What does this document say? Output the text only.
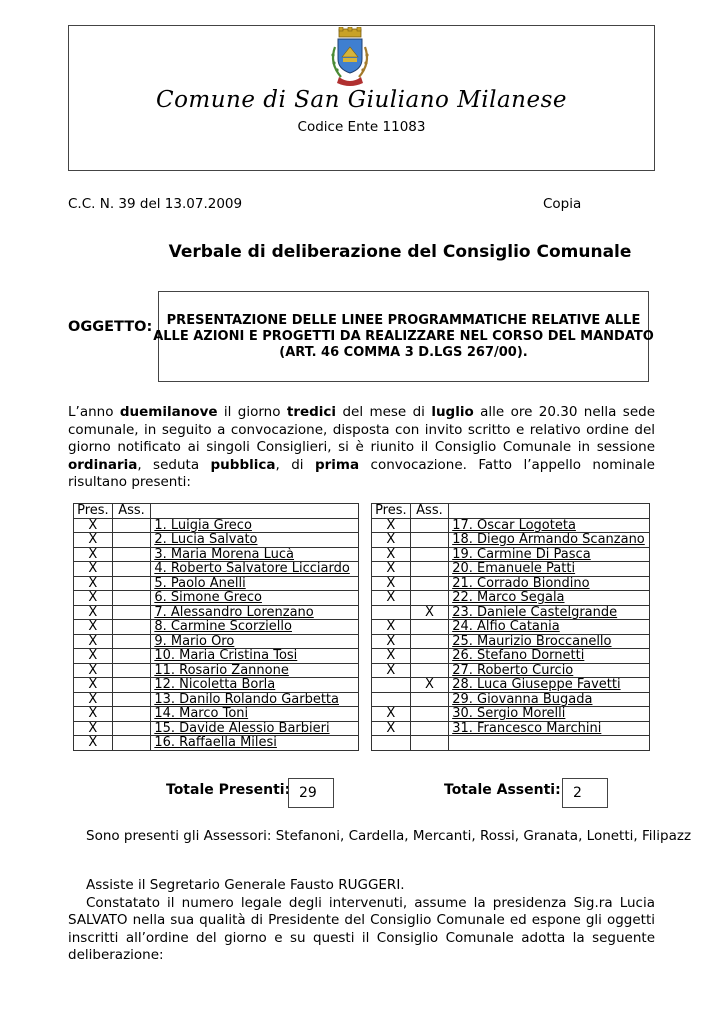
Comune di San Giuliano Milanese
Codice Ente 11083
C.C. N. 39 del 13.07.2009	Copia
Verbale di deliberazione del Consiglio Comunale
OGGETTO: PRESENTAZIONE DELLE LINEE PROGRAMMATICHE RELATIVE ALLE
ALLE AZIONI E PROGETTI DA REALIZZARE NEL CORSO DEL MANDATO
(ART. 46 COMMA 3 D.LGS 267/00).
L’anno duemilanove il giorno tredici del mese di luglio alle ore 20.30 nella sede comunale, in seguito a convocazione, disposta con invito scritto e relativo ordine del giorno notificato ai singoli Consiglieri, si è riunito il Consiglio Comunale in sessione ordinaria, seduta pubblica, di prima convocazione. Fatto l’appello nominale risultano presenti:
Pres.	Ass.	
X		1. Luigia Greco
X		2. Lucia Salvato
X		3. Maria Morena Lucà
X		4. Roberto Salvatore Licciardo
X		5. Paolo Anelli
X		6. Simone Greco
X		7. Alessandro Lorenzano
X		8. Carmine Scorziello
X		9. Mario Oro
X		10. Maria Cristina Tosi
X		11. Rosario Zannone
X		12. Nicoletta Borla
X		13. Danilo Rolando Garbetta
X		14. Marco Toni
X		15. Davide Alessio Barbieri
X		16. Raffaella Milesi
Pres.	Ass.	
X		17. Oscar Logoteta
X		18. Diego Armando Scanzano
X		19. Carmine Di Pasca
X		20. Emanuele Patti
X		21. Corrado Biondino
X		22. Marco Segala
	X	23. Daniele Castelgrande
X		24. Alfio Catania
X		25. Maurizio Broccanello
X		26. Stefano Dornetti
X		27. Roberto Curcio
	X	28. Luca Giuseppe Favetti
		29. Giovanna Bugada
X		30. Sergio Morelli
X		31. Francesco Marchini

Totale Presenti: 29	Totale Assenti: 2
Sono presenti gli Assessori: Stefanoni, Cardella, Mercanti, Rossi, Granata, Lonetti, Filipazz
Assiste il Segretario Generale Fausto RUGGERI.
Constatato il numero legale degli intervenuti, assume la presidenza Sig.ra Lucia SALVATO nella sua qualità di Presidente del Consiglio Comunale ed espone gli oggetti inscritti all’ordine del giorno e su questi il Consiglio Comunale adotta la seguente deliberazione:
